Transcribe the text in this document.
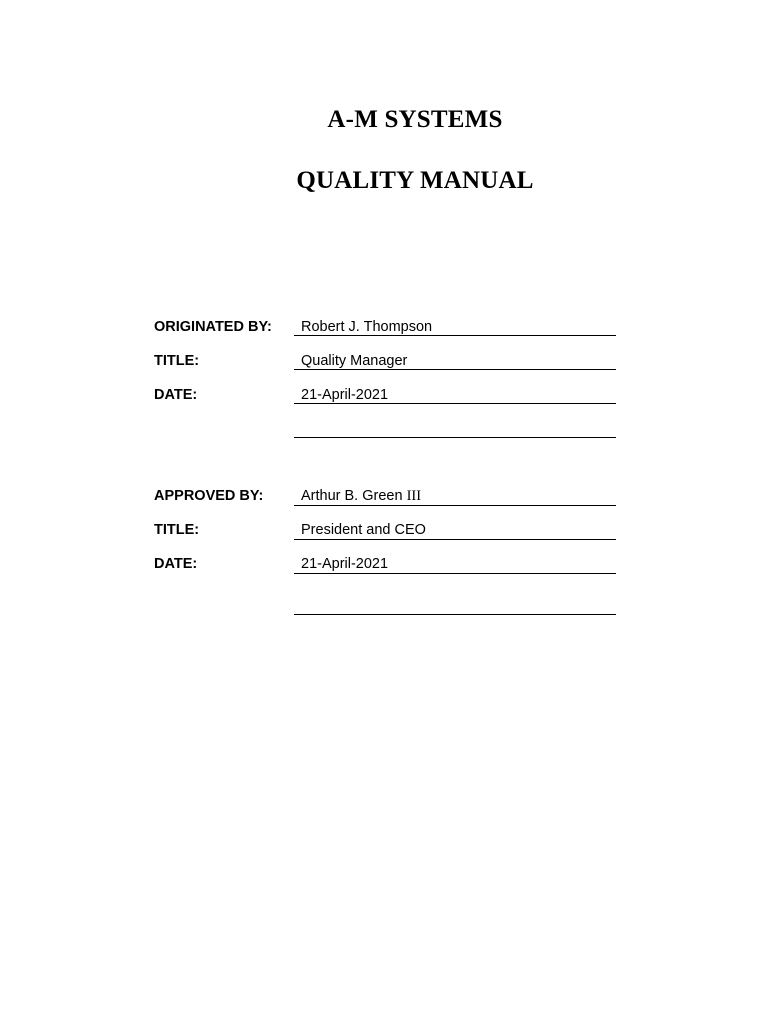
A-M SYSTEMS
QUALITY MANUAL
ORIGINATED BY: Robert J. Thompson
TITLE:	Quality Manager
DATE:	21-April-2021
APPROVED BY:	Arthur B. Green III
TITLE:	President and CEO
DATE:	21-April-2021
